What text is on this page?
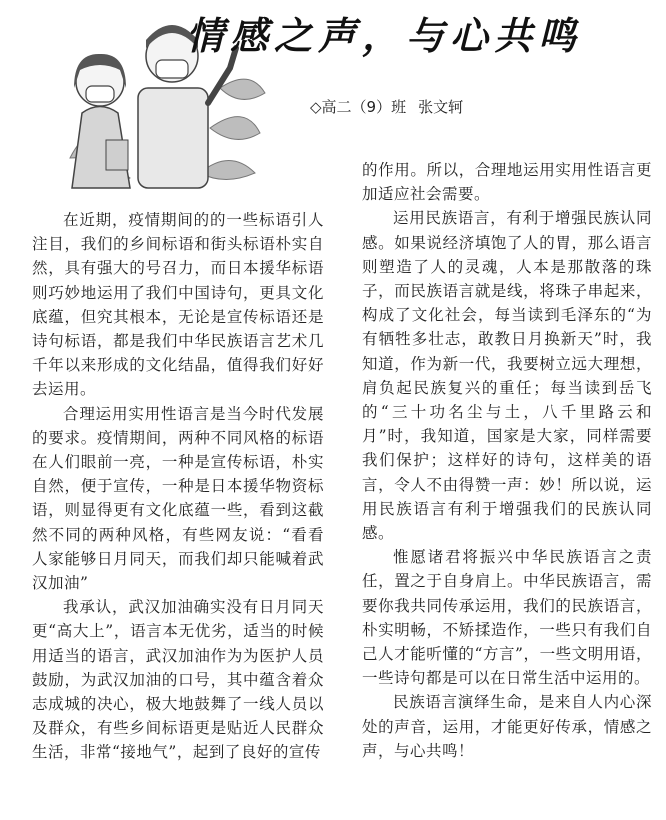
情感之声，与心共鸣
◇高二（9）班 张文轲

在近期，疫情期间的的一些标语引人注目，我们的乡间标语和街头标语朴实自然，具有强大的号召力，而日本援华标语则巧妙地运用了我们中国诗句，更具文化底蕴，但究其根本，无论是宣传标语还是诗句标语，都是我们中华民族语言艺术几千年以来形成的文化结晶，值得我们好好去运用。

合理运用实用性语言是当今时代发展的要求。疫情期间，两种不同风格的标语在人们眼前一亮，一种是宣传标语，朴实自然，便于宣传，一种是日本援华物资标语，则显得更有文化底蕴一些，看到这截然不同的两种风格，有些网友说：“看看人家能够日月同天，而我们却只能喊着武汉加油”

我承认，武汉加油确实没有日月同天更“高大上”，语言本无优劣，适当的时候用适当的语言，武汉加油作为为医护人员鼓励，为武汉加油的口号，其中蕴含着众志成城的决心，极大地鼓舞了一线人员以及群众，有些乡间标语更是贴近人民群众生活，非常“接地气”，起到了良好的宣传

的作用。所以，合理地运用实用性语言更加适应社会需要。

运用民族语言，有利于增强民族认同感。如果说经济填饱了人的胃，那么语言则塑造了人的灵魂，人本是那散落的珠子，而民族语言就是线，将珠子串起来，构成了文化社会，每当读到毛泽东的“为有牺牲多壮志，敢教日月换新天”时，我知道，作为新一代，我要树立远大理想，肩负起民族复兴的重任；每当读到岳飞的“三十功名尘与土，八千里路云和月”时，我知道，国家是大家，同样需要我们保护；这样好的诗句，这样美的语言，令人不由得赞一声：妙！所以说，运用民族语言有利于增强我们的民族认同感。

惟愿诸君将振兴中华民族语言之责任，置之于自身肩上。中华民族语言，需要你我共同传承运用，我们的民族语言，朴实明畅，不矫揉造作，一些只有我们自己人才能听懂的“方言”，一些文明用语，一些诗句都是可以在日常生活中运用的。

民族语言演绎生命，是来自人内心深处的声音，运用，才能更好传承，情感之声，与心共鸣！
